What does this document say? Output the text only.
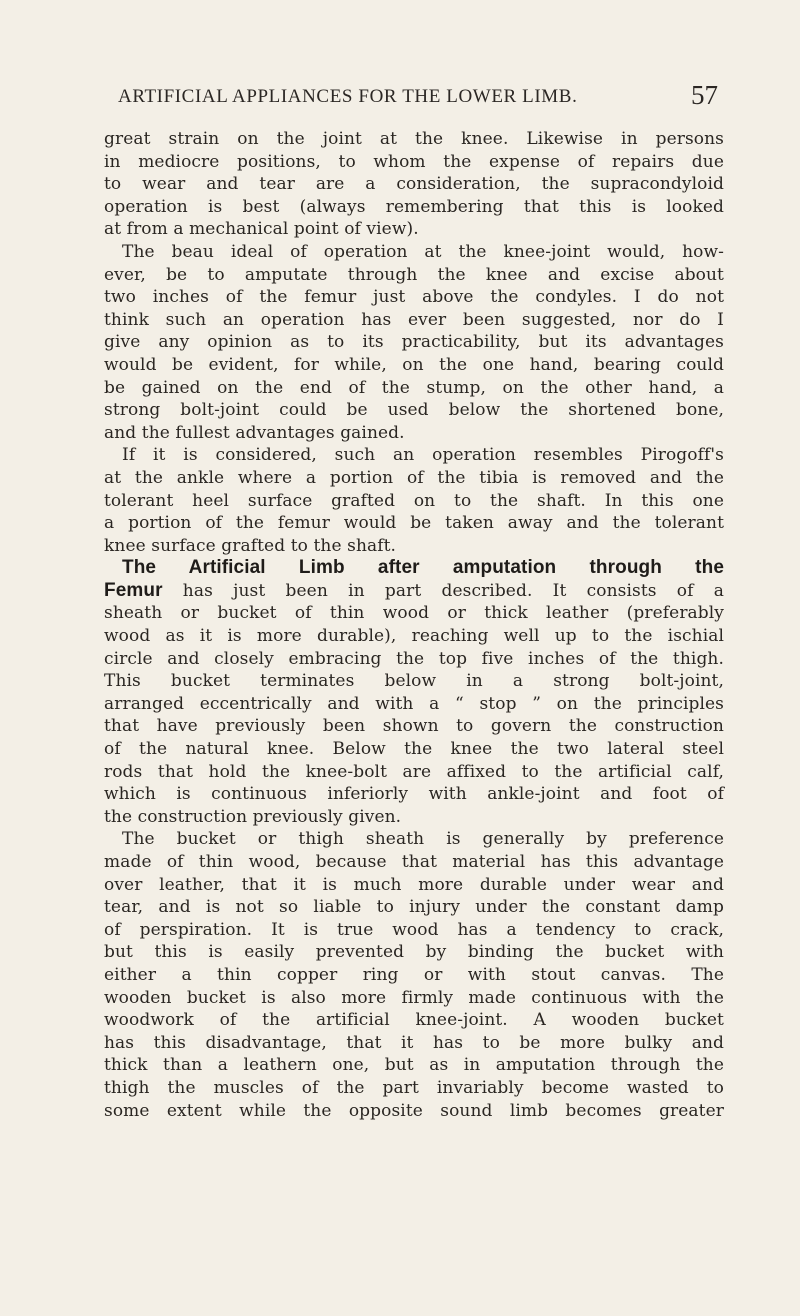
ARTIFICIAL APPLIANCES FOR THE LOWER LIMB.	57
great strain on the joint at the knee. Likewise in persons
in mediocre positions, to whom the expense of repairs due
to wear and tear are a consideration, the supracondyloid
operation is best (always remembering that this is looked
at from a mechanical point of view).
The beau ideal of operation at the knee-joint would, how-
ever, be to amputate through the knee and excise about
two inches of the femur just above the condyles. I do not
think such an operation has ever been suggested, nor do I
give any opinion as to its practicability, but its advantages
would be evident, for while, on the one hand, bearing could
be gained on the end of the stump, on the other hand, a
strong bolt-joint could be used below the shortened bone,
and the fullest advantages gained.
If it is considered, such an operation resembles Pirogoff's
at the ankle where a portion of the tibia is removed and the
tolerant heel surface grafted on to the shaft. In this one
a portion of the femur would be taken away and the tolerant
knee surface grafted to the shaft.
The Artificial Limb after amputation through the
Femur has just been in part described. It consists of a
sheath or bucket of thin wood or thick leather (preferably
wood as it is more durable), reaching well up to the ischial
circle and closely embracing the top five inches of the thigh.
This bucket terminates below in a strong bolt-joint,
arranged eccentrically and with a “ stop ” on the principles
that have previously been shown to govern the construction
of the natural knee. Below the knee the two lateral steel
rods that hold the knee-bolt are affixed to the artificial calf,
which is continuous inferiorly with ankle-joint and foot of
the construction previously given.
The bucket or thigh sheath is generally by preference
made of thin wood, because that material has this advantage
over leather, that it is much more durable under wear and
tear, and is not so liable to injury under the constant damp
of perspiration. It is true wood has a tendency to crack,
but this is easily prevented by binding the bucket with
either a thin copper ring or with stout canvas. The
wooden bucket is also more firmly made continuous with the
woodwork of the artificial knee-joint. A wooden bucket
has this disadvantage, that it has to be more bulky and
thick than a leathern one, but as in amputation through the
thigh the muscles of the part invariably become wasted to
some extent while the opposite sound limb becomes greater
